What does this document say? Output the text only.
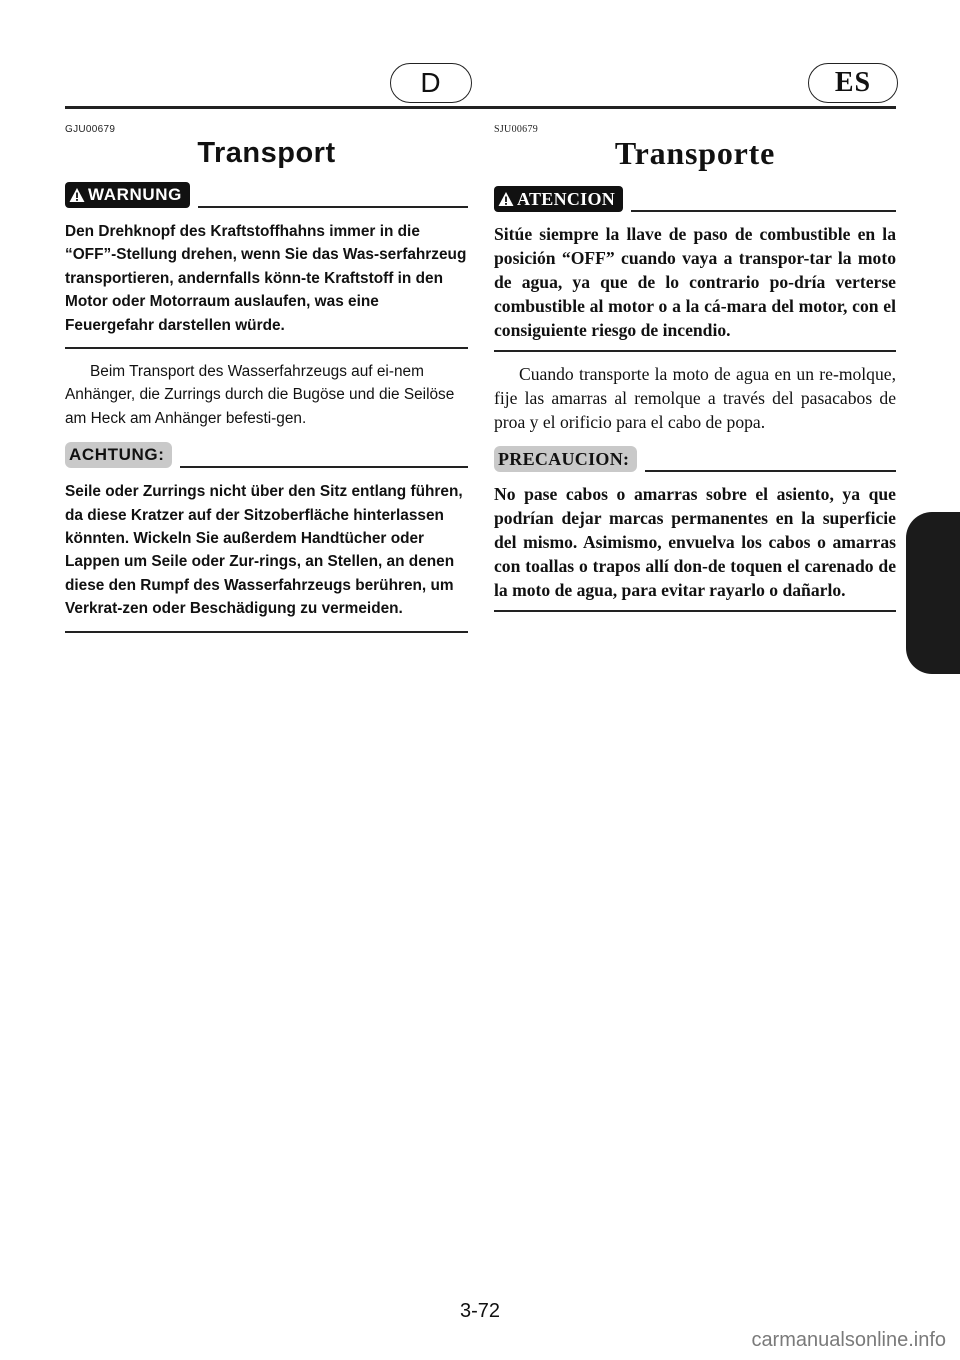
D	ES
GJU00679
Transport
WARNUNG
Den Drehknopf des Kraftstoffhahns immer in die “OFF”-Stellung drehen, wenn Sie das Was-serfahrzeug transportieren, andernfalls könn-te Kraftstoff in den Motor oder Motorraum auslaufen, was eine Feuergefahr darstellen würde.
Beim Transport des Wasserfahrzeugs auf ei-nem Anhänger, die Zurrings durch die Bugöse und die Seilöse am Heck am Anhänger befesti-gen.
ACHTUNG:
Seile oder Zurrings nicht über den Sitz entlang führen, da diese Kratzer auf der Sitzoberfläche hinterlassen könnten. Wickeln Sie außerdem Handtücher oder Lappen um Seile oder Zur-rings, an Stellen, an denen diese den Rumpf des Wasserfahrzeugs berühren, um Verkrat-zen oder Beschädigung zu vermeiden.
SJU00679
Transporte
ATENCION
Sitúe siempre la llave de paso de combustible en la posición “OFF” cuando vaya a transpor-tar la moto de agua, ya que de lo contrario po-dría verterse combustible al motor o a la cá-mara del motor, con el consiguiente riesgo de incendio.
Cuando transporte la moto de agua en un re-molque, fije las amarras al remolque a través del pasacabos de proa y el orificio para el cabo de popa.
PRECAUCION:
No pase cabos o amarras sobre el asiento, ya que podrían dejar marcas permanentes en la superficie del mismo. Asimismo, envuelva los cabos o amarras con toallas o trapos allí don-de toquen el carenado de la moto de agua, para evitar rayarlo o dañarlo.
3-72
carmanualsonline.info
